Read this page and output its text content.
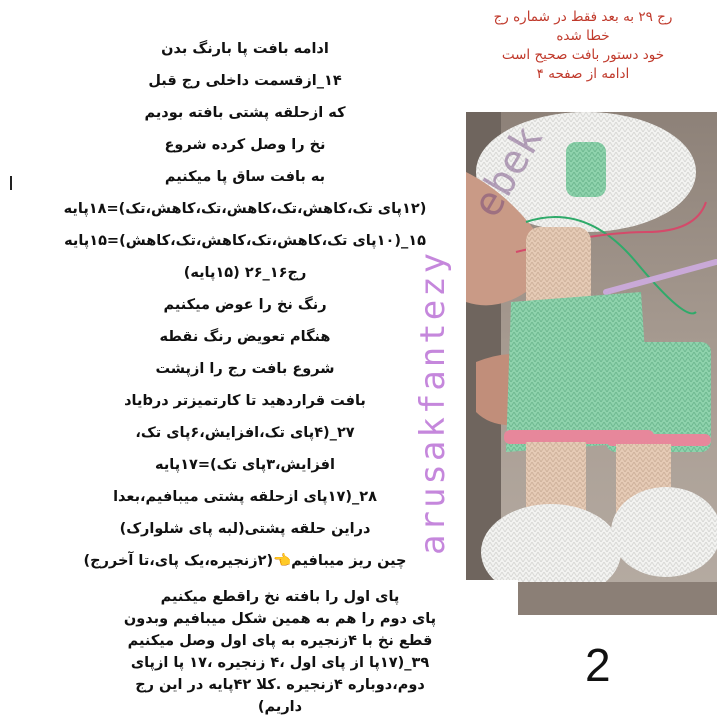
رج ۲۹ به بعد فقط در شماره رج
خطا شده
خود دستور بافت صحیح است
ادامه از صفحه ۴
ادامه بافت پا بارنگ بدن
۱۴_ازقسمت داخلی رج قبل
که ازحلقه پشتی بافته بودیم
نخ را وصل کرده شروع
به بافت ساق پا میکنیم
(۱۲پای تک،کاهش،تک،کاهش،تک،کاهش،تک)=۱۸پایه
۱۵_(۱۰پای تک،کاهش،تک،کاهش،تک،کاهش)=۱۵پایه
رج۱۶_۲۶ (۱۵پایه)
رنگ نخ را عوض میکنیم
هنگام تعویض رنگ نقطه
شروع بافت رج را ازپشت
بافت قراردهید تا کارتمیزتر درbیاد
۲۷_(۴پای تک،افزایش،۶پای تک،
افزایش،۳پای تک)=۱۷پایه
۲۸_(۱۷پای ازحلقه پشتی میبافیم،بعدا
دراین حلقه پشتی(لبه پای شلوارک)
چین ریز میبافیم👈(۲زنجیره،یک پای،تا آخررج)
arusakfantezy
ebek
پای اول را بافته نخ راقطع میکنیم
پای دوم را هم به همین شکل میبافیم وبدون
قطع نخ با ۴زنجیره به پای اول وصل میکنیم
۳۹_(۱۷پا از پای اول ،۴ زنجیره ،۱۷ پا ازپای
دوم،دوباره ۴زنجیره .کلا ۴۲پایه در این رج
داریم)
2
